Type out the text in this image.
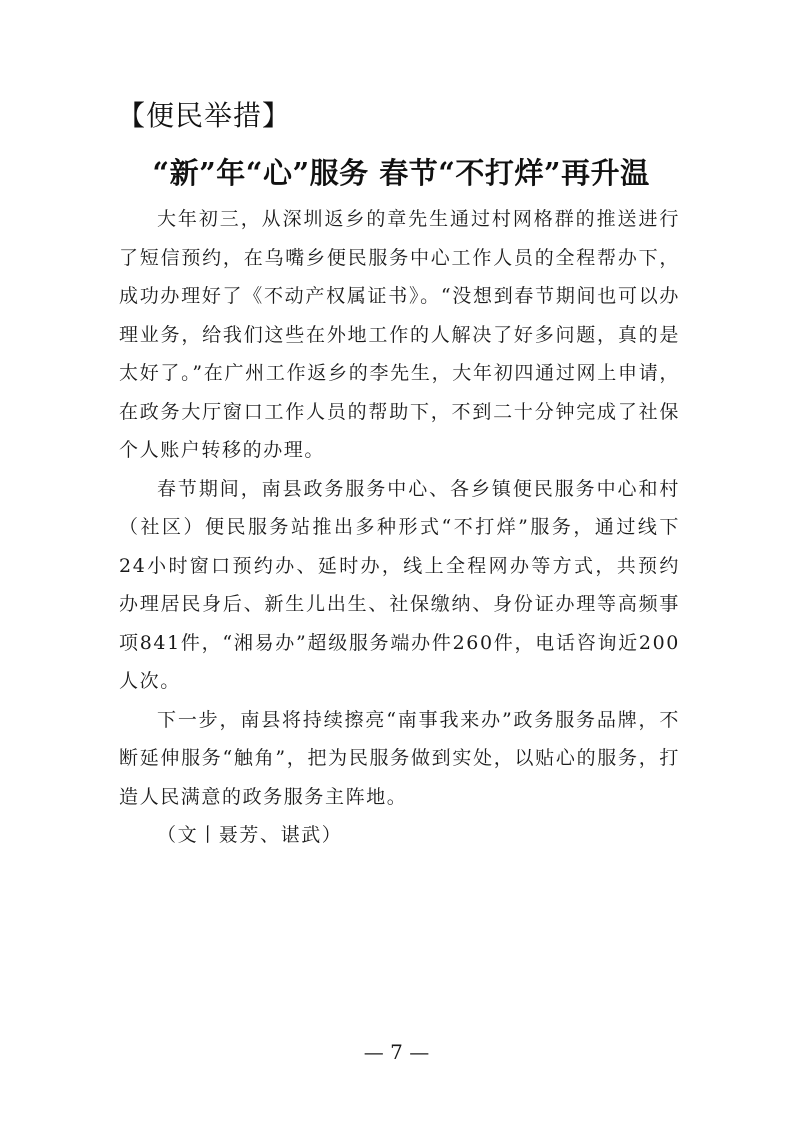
【便民举措】
“新”年“心”服务 春节“不打烊”再升温

大年初三，从深圳返乡的章先生通过村网格群的推送进行了短信预约，在乌嘴乡便民服务中心工作人员的全程帮办下，成功办理好了《不动产权属证书》。“没想到春节期间也可以办理业务，给我们这些在外地工作的人解决了好多问题，真的是太好了。”在广州工作返乡的李先生，大年初四通过网上申请，在政务大厅窗口工作人员的帮助下，不到二十分钟完成了社保个人账户转移的办理。

春节期间，南县政务服务中心、各乡镇便民服务中心和村（社区）便民服务站推出多种形式“不打烊”服务，通过线下24小时窗口预约办、延时办，线上全程网办等方式，共预约办理居民身后、新生儿出生、社保缴纳、身份证办理等高频事项841件，“湘易办”超级服务端办件260件，电话咨询近200人次。

下一步，南县将持续擦亮“南事我来办”政务服务品牌，不断延伸服务“触角”，把为民服务做到实处，以贴心的服务，打造人民满意的政务服务主阵地。

（文丨聂芳、谌武）

— 7 —
